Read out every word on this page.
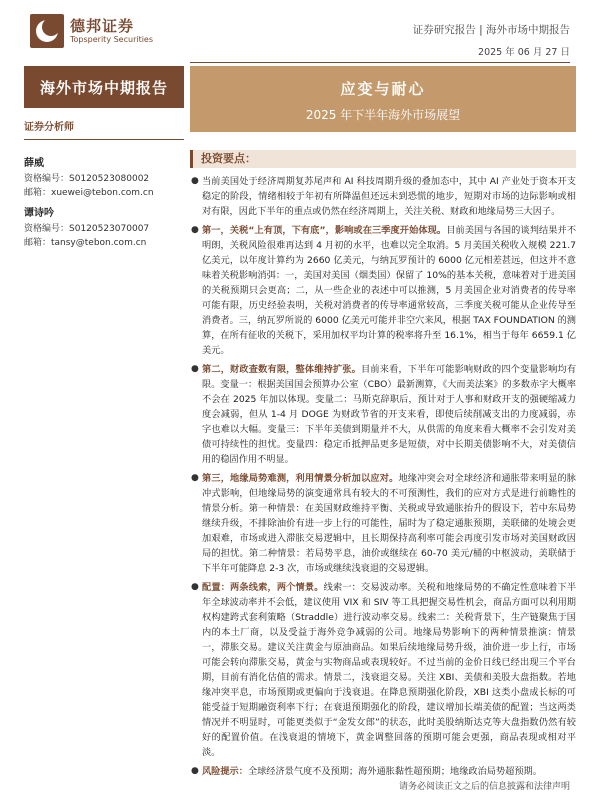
德邦证券
Topsperity Securities
证券研究报告 | 海外市场中期报告
2025 年 06 月 27 日
海外市场中期报告	应变与耐心
2025 年下半年海外市场展望
证券分析师
薛威
资格编号：S0120523080002
邮箱：xuewei@tebon.com.cn
谭诗吟
资格编号：S0120523070007
邮箱：tansy@tebon.com.cn
投资要点：
● 当前美国处于经济周期复苏尾声和 AI 科技周期升级的叠加态中，其中 AI 产业处于资本开支稳定的阶段，情绪相较于年初有所降温但还远未到恐慌的地步，短期对市场的边际影响或相对有限，因此下半年的重点或仍然在经济周期上，关注关税、财政和地缘局势三大因子。
● 第一，关税“上有顶，下有底”，影响或在三季度开始体现。目前美国与各国的谈判结果并不明朗，关税风险很难再达到 4 月初的水平，也难以完全取消。5 月美国关税收入规模 221.7 亿美元，以年度计算约为 2660 亿美元，与纳瓦罗预计的 6000 亿元相差甚远，但这并不意味着关税影响消弭：一，美国对美国（烟类国）保留了 10%的基本关税，意味着对于进美国的关税预期只会更高；二，从一些企业的表述中可以推测，5 月美国企业对消费者的传导率可能有限，历史经验表明，关税对消费者的传导率通常较高，三季度关税可能从企业传导至消费者。三，纳瓦罗所说的 6000 亿美元可能并非空穴来风，根据 TAX FOUNDATION 的测算，在所有征收的关税下，采用加权平均计算的税率将升至 16.1%，相当于每年 6659.1 亿美元。
● 第二，财政查数有限，整体维持扩张。目前来看，下半年可能影响财政的四个变量影响均有限。变量一：根据美国国会预算办公室（CBO）最新测算，《大而美法案》的多数赤字大概率不会在 2025 年加以体现。变量二：马斯克辞职后，预计对于人事和财政开支的强硬缩减力度会减弱，但从 1-4 月 DOGE 为财政节省的开支来看，即使后续削减支出的力度减弱，赤字也难以大幅。变量三：下半年美债到期量并不大，从供需的角度来看大概率不会引发对美债可持续性的担忧。变量四：稳定币抵押品更多是短债，对中长期美债影响不大，对美债信用的稳固作用不明显。
● 第三，地缘局势难测，利用情景分析加以应对。地缘冲突会对全球经济和通胀带来明显的脉冲式影响，但地缘局势的演变通常具有较大的不可预测性，我们的应对方式是进行前瞻性的情景分析。第一种情景：在美国财政维持平衡、关税或导致通胀抬升的假设下，若中东局势继续升级，不排除油价有进一步上行的可能性，届时为了稳定通胀预期，美联储的处境会更加艰难，市场或进入滞胀交易逻辑中，且长期保持高利率可能会再度引发市场对美国财政因局的担忧。第二种情景：若局势平息，油价或继续在 60-70 美元/桶的中枢波动，美联储于下半年可能降息 2-3 次，市场或继续浅衰退的交易逻辑。
● 配置：两条线索，两个情景。线索一：交易波动率。关税和地缘局势的不确定性意味着下半年全球波动率并不会低，建议使用 VIX 和 SIV 等工具把握交易性机会，商品方面可以利用期权构建跨式套利策略（Straddle）进行波动率交易。线索二：关税背景下，生产链聚焦于国内的本土厂商，以及受益于海外竞争减弱的公司。地缘局势影响下的两种情景推演：情景一，滞胀交易。建议关注黄金与原油商品。如果后续地缘局势升级，油价进一步上行，市场可能会转向滞胀交易，黄金与实物商品或表现较好。不过当前的金价日线已经出现三个平台期，目前有消化估值的需求。情景二，浅衰退交易。关注 XBI、美债和美股大盘指数。若地缘冲突平息，市场预期或更偏向于浅衰退。在降息预期强化阶段，XBI 这类小盘成长标的可能受益于短期融资利率下行；在衰退预期强化的阶段，建议增加长端美债的配置；当这两类情况并不明显时，可能更类似于“金发女郎”的状态，此时美股纳斯达克等大盘指数仍然有较好的配置价值。在浅衰退的情境下，黄金调整回落的预期可能会更强，商品表现或相对平淡。
● 风险提示：全球经济景气度不及预期；海外通胀黏性超预期；地缘政治局势超预期。
请务必阅读正文之后的信息披露和法律声明
